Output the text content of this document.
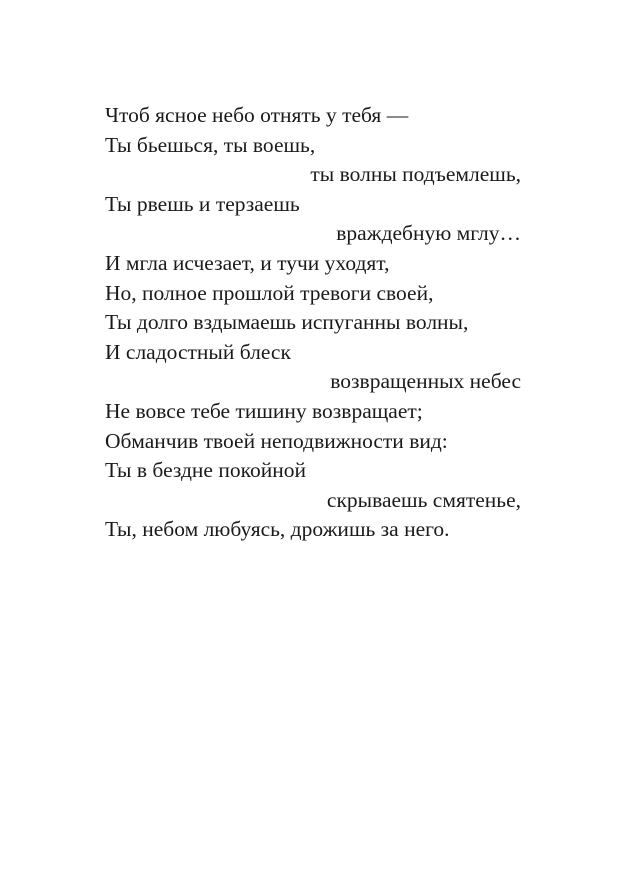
Чтоб ясное небо отнять у тебя —
Ты бьешься, ты воешь,
ты волны подъемлешь,
Ты рвешь и терзаешь
враждебную мглу…
И мгла исчезает, и тучи уходят,
Но, полное прошлой тревоги своей,
Ты долго вздымаешь испуганны волны,
И сладостный блеск
возвращенных небес
Не вовсе тебе тишину возвращает;
Обманчив твоей неподвижности вид:
Ты в бездне покойной
скрываешь смятенье,
Ты, небом любуясь, дрожишь за него.
